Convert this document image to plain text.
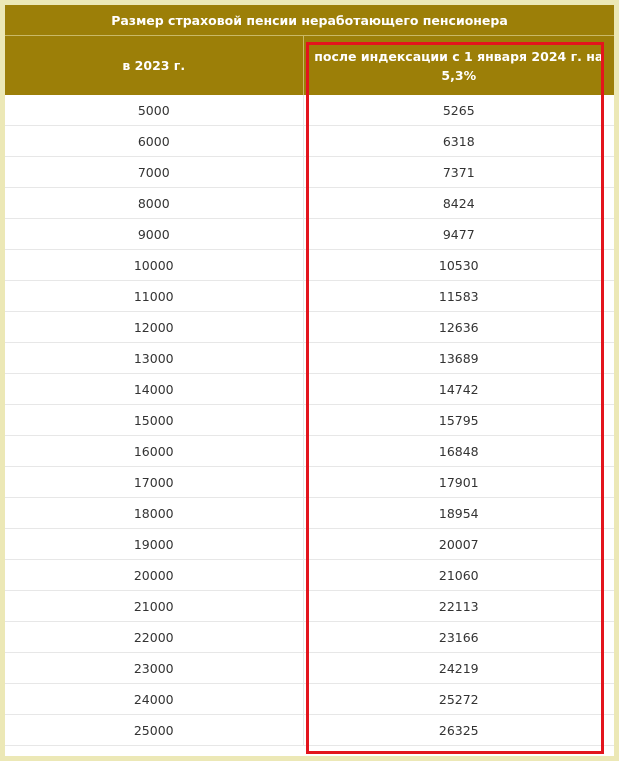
Размер страховой пенсии неработающего пенсионера	
в 2023 г.	после индексации с 1 января 2024 г. на 5,3%
5000	5265
6000	6318
7000	7371
8000	8424
9000	9477
10000	10530
11000	11583
12000	12636
13000	13689
14000	14742
15000	15795
16000	16848
17000	17901
18000	18954
19000	20007
20000	21060
21000	22113
22000	23166
23000	24219
24000	25272
25000	26325
